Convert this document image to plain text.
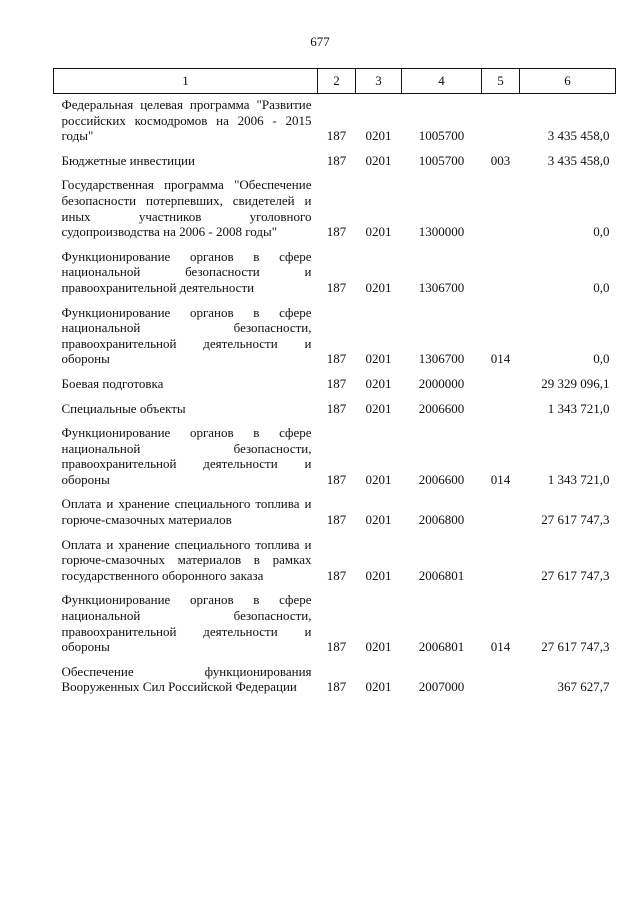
677
1	2	3	4	5	6
Федеральная целевая программа "Развитие российских космодромов на 2006 - 2015 годы"	187	0201	1005700		3 435 458,0
Бюджетные инвестиции	187	0201	1005700	003	3 435 458,0
Государственная программа "Обеспечение безопасности потерпевших, свидетелей и иных участников уголовного судопроизводства на 2006 - 2008 годы"	187	0201	1300000		0,0
Функционирование органов в сфере национальной безопасности и правоохранительной деятельности	187	0201	1306700		0,0
Функционирование органов в сфере национальной безопасности, правоохранительной деятельности и обороны	187	0201	1306700	014	0,0
Боевая подготовка	187	0201	2000000		29 329 096,1
Специальные объекты	187	0201	2006600		1 343 721,0
Функционирование органов в сфере национальной безопасности, правоохранительной деятельности и обороны	187	0201	2006600	014	1 343 721,0
Оплата и хранение специального топлива и горюче-смазочных материалов	187	0201	2006800		27 617 747,3
Оплата и хранение специального топлива и горюче-смазочных материалов в рамках государственного оборонного заказа	187	0201	2006801		27 617 747,3
Функционирование органов в сфере национальной безопасности, правоохранительной деятельности и обороны	187	0201	2006801	014	27 617 747,3
Обеспечение функционирования Вооруженных Сил Российской Федерации	187	0201	2007000		367 627,7
